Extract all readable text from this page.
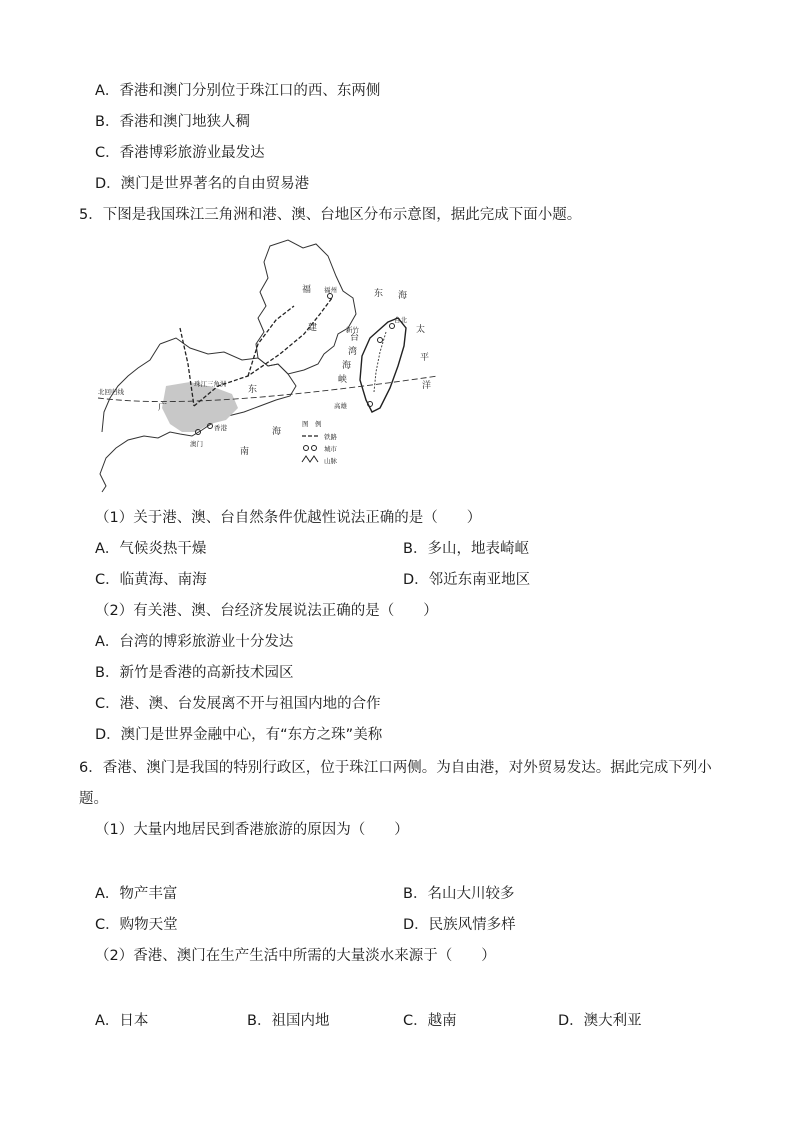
A．香港和澳门分别位于珠江口的西、东两侧
B．香港和澳门地狭人稠
C．香港博彩旅游业最发达
D．澳门是世界著名的自由贸易港
5．下图是我国珠江三角洲和港、澳、台地区分布示意图，据此完成下面小题。
福
建
福州	东 海
台北
太
平
洋
新竹
台
湾
海
峡
高雄
北回归线
珠江三角洲
广
东
香港
澳门
南
海
图　例
铁路
城市
山脉
（1）关于港、澳、台自然条件优越性说法正确的是（　　）
A．气候炎热干燥	B．多山，地表崎岖
C．临黄海、南海	D．邻近东南亚地区
（2）有关港、澳、台经济发展说法正确的是（　　）
A．台湾的博彩旅游业十分发达
B．新竹是香港的高新技术园区
C．港、澳、台发展离不开与祖国内地的合作
D．澳门是世界金融中心，有“东方之珠”美称
6．香港、澳门是我国的特别行政区，位于珠江口两侧。为自由港，对外贸易发达。据此完成下列小
题。
（1）大量内地居民到香港旅游的原因为（　　）
A．物产丰富	B．名山大川较多
C．购物天堂	D．民族风情多样
（2）香港、澳门在生产生活中所需的大量淡水来源于（　　）
A．日本	B．祖国内地	C．越南	D．澳大利亚
